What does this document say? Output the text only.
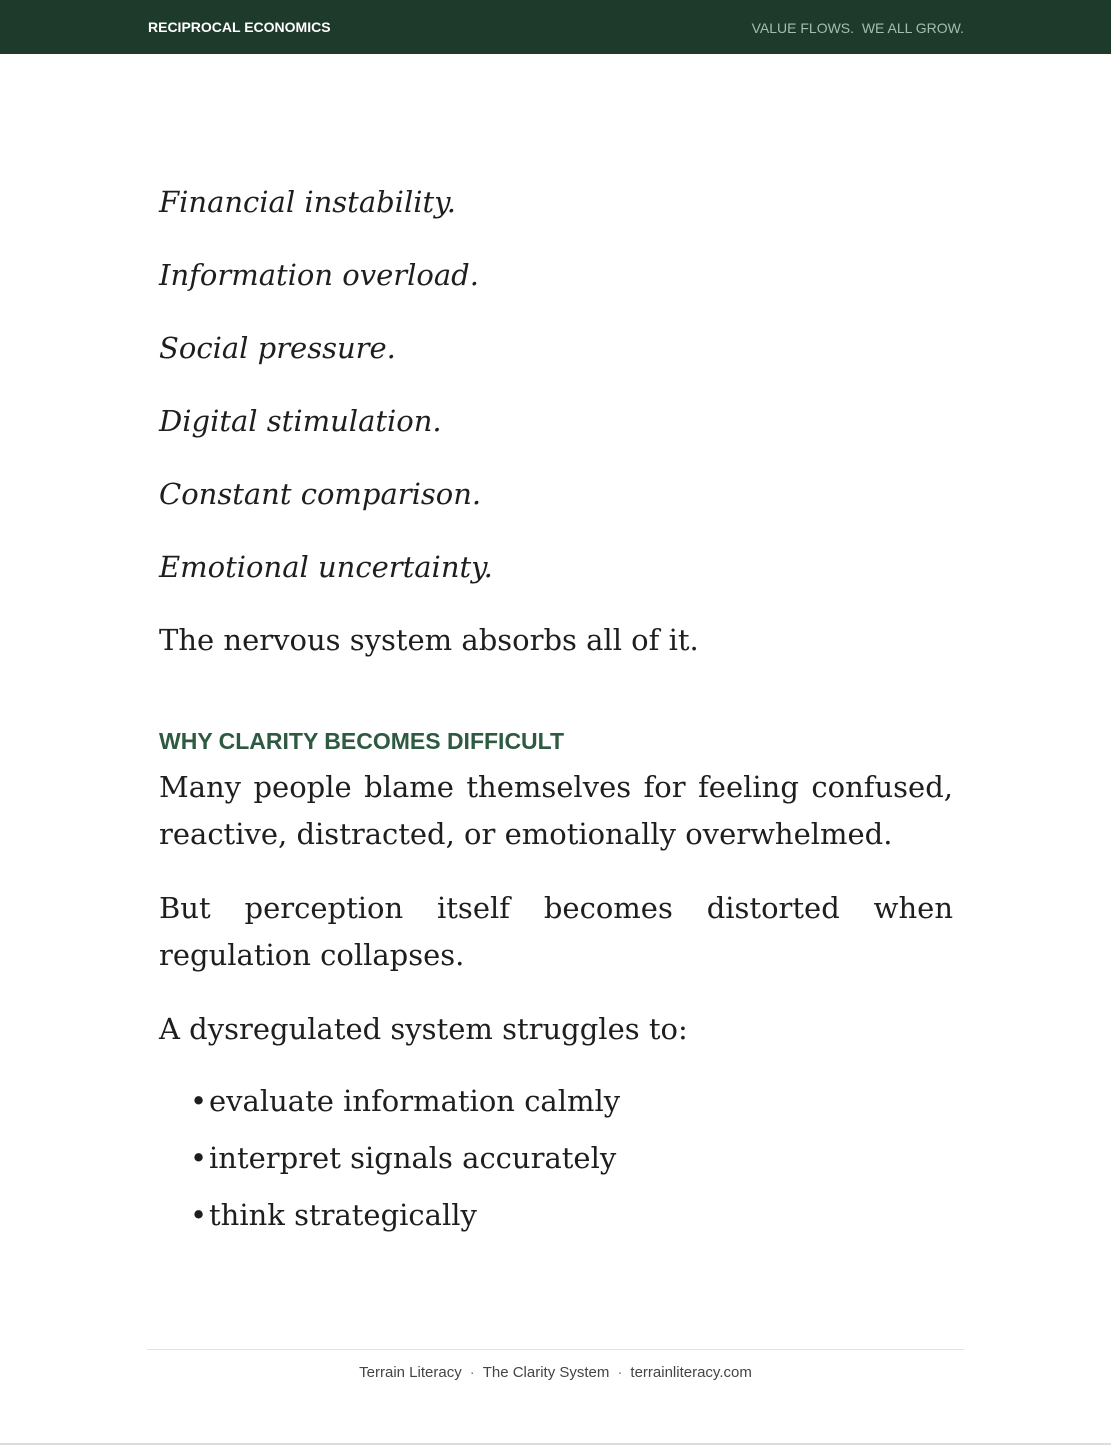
RECIPROCAL ECONOMICS	VALUE FLOWS.  WE ALL GROW.

Financial instability.

Information overload.

Social pressure.

Digital stimulation.

Constant comparison.

Emotional uncertainty.

The nervous system absorbs all of it.

WHY CLARITY BECOMES DIFFICULT

Many people blame themselves for feeling confused, reactive, distracted, or emotionally overwhelmed.

But perception itself becomes distorted when regulation collapses.

A dysregulated system struggles to:

•evaluate information calmly
•interpret signals accurately
•think strategically
Terrain Literacy · The Clarity System · terrainliteracy.com
